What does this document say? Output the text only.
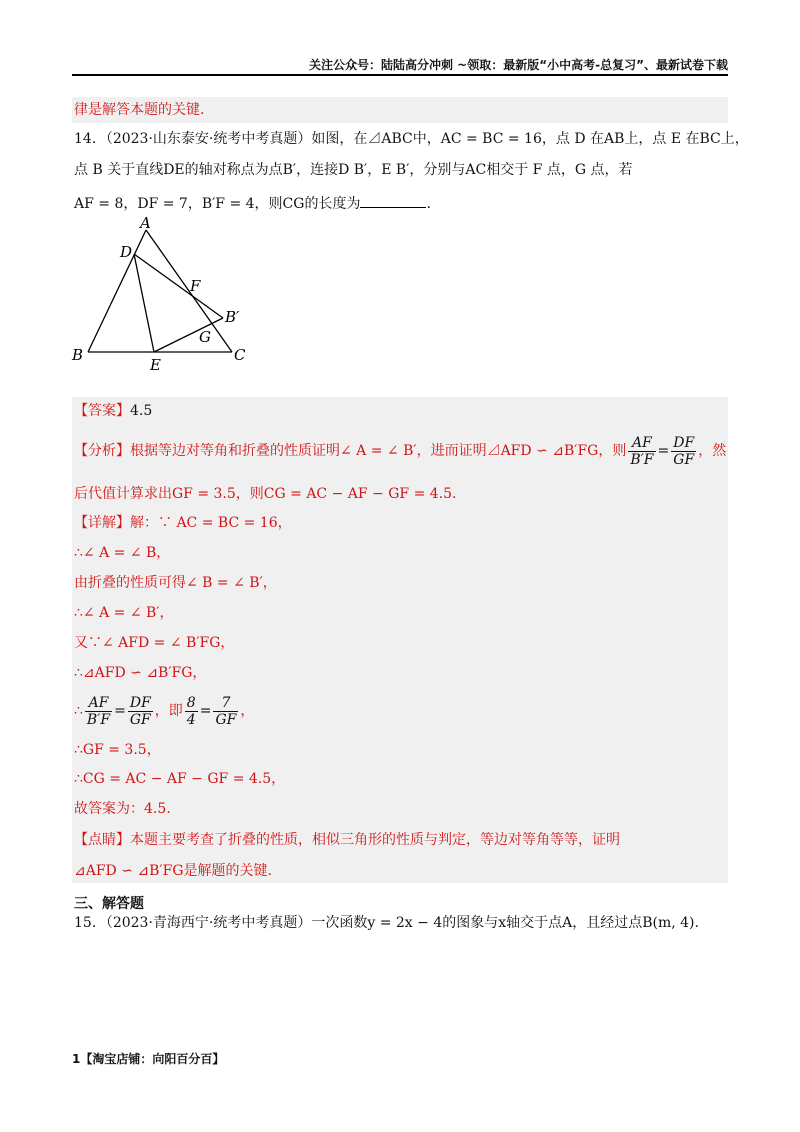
关注公众号：陆陆高分冲刺 ~领取：最新版“小中高考-总复习”、最新试卷下载
律是解答本题的关键.
14．（2023·山东泰安·统考中考真题）如图，在⊿ABC中，AC = BC = 16，点 D 在AB上，点 E 在BC上，
点 B 关于直线DE的轴对称点为点B′，连接D B′，E B′，分别与AC相交于 F 点，G 点，若
AF = 8，DF = 7，B′F = 4，则CG的长度为	.
A
B	C
D
E
F
G
B′
【答案】4.5
【分析】根据等边对等角和折叠的性质证明∠ A = ∠ B′，进而证明⊿AFD ∽ ⊿B′FG，则 $\frac{AF}{B'F} = \frac{DF}{GF}$ ，然
后代值计算求出GF = 3.5，则CG = AC − AF − GF = 4.5.
【详解】解：∵ AC = BC = 16，
∴∠ A = ∠ B，
由折叠的性质可得∠ B = ∠ B′，
∴∠ A = ∠ B′，
又∵∠ AFD = ∠ B′FG，
∴⊿AFD ∽ ⊿B′FG，
∴ $\frac{AF}{B'F} = \frac{DF}{GF}$ ，即 $\frac{8}{4} = \frac{7}{GF}$ ，
∴GF = 3.5，
∴CG = AC − AF − GF = 4.5，
故答案为：4.5.
【点睛】本题主要考查了折叠的性质，相似三角形的性质与判定，等边对等角等等，证明
⊿AFD ∽ ⊿B′FG是解题的关键.
三、解答题
15．（2023·青海西宁·统考中考真题）一次函数y = 2x − 4的图象与x轴交于点A，且经过点B(m, 4).
1【淘宝店铺：向阳百分百】
